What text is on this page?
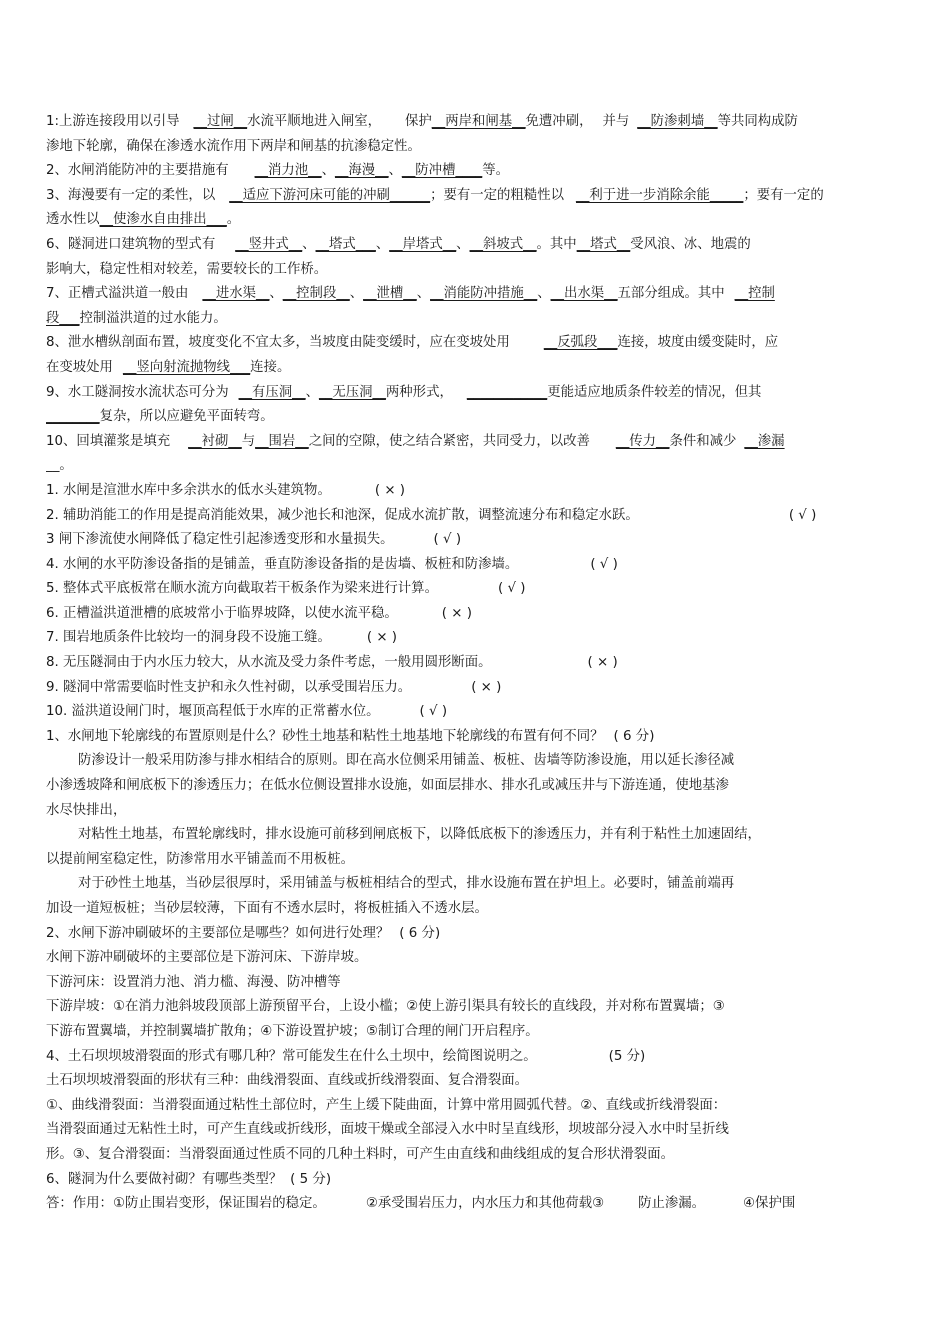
1:上游连接段用以引导 __过闸__水流平顺地进入闸室， 保护__两岸和闸基__免遭冲刷， 并与 __防渗刺墙__等共同构成防

渗地下轮廓，确保在渗透水流作用下两岸和闸基的抗渗稳定性。

2、水闸消能防冲的主要措施有 __消力池__、__海漫__、__防冲槽____等。

3、海漫要有一定的柔性，以 __适应下游河床可能的冲刷______；要有一定的粗糙性以 __利于进一步消除余能_____；要有一定的

透水性以__使渗水自由排出___。

6、隧洞进口建筑物的型式有 __竖井式__、__塔式___、__岸塔式__、__斜坡式__。其中__塔式__受风浪、冰、地震的

影响大，稳定性相对较差，需要较长的工作桥。

7、正槽式溢洪道一般由 __进水渠__、__控制段__、__泄槽__、__消能防冲措施__、__出水渠__五部分组成。其中 __控制

段___控制溢洪道的过水能力。

8、泄水槽纵剖面布置，坡度变化不宜太多，当坡度由陡变缓时，应在变坡处用	__反弧段___连接，坡度由缓变陡时，应

在变坡处用 __竖向射流抛物线___连接。

9、水工隧洞按水流状态可分为 __有压洞__、__无压洞__两种形式， ____________更能适应地质条件较差的情况，但其

________复杂，所以应避免平面转弯。

10、回填灌浆是填充 __衬砌__与__围岩__之间的空隙，使之结合紧密，共同受力，以改善 __传力__条件和减少 __渗漏

__。

1. 水闸是渲泄水库中多余洪水的低水头建筑物。	( × )

2. 辅助消能工的作用是提高消能效果，减少池长和池深，促成水流扩散，调整流速分布和稳定水跃。	( √ )

3 闸下渗流使水闸降低了稳定性引起渗透变形和水量损失。	( √ )

4. 水闸的水平防渗设备指的是铺盖，垂直防渗设备指的是齿墙、板桩和防渗墙。	( √ )

5. 整体式平底板常在顺水流方向截取若干板条作为梁来进行计算。	( √ )

6. 正槽溢洪道泄槽的底坡常小于临界坡降，以使水流平稳。	( × )

7. 围岩地质条件比较均一的洞身段不设施工缝。	( × )

8. 无压隧洞由于内水压力较大，从水流及受力条件考虑，一般用圆形断面。	( × )

9. 隧洞中常需要临时性支护和永久性衬砌，以承受围岩压力。	( × )

10. 溢洪道设闸门时，堰顶高程低于水库的正常蓄水位。	( √ )

1、水闸地下轮廓线的布置原则是什么？砂性土地基和粘性土地基地下轮廓线的布置有何不同？ ( 6 分)

防渗设计一般采用防渗与排水相结合的原则。即在高水位侧采用铺盖、板桩、齿墙等防渗设施，用以延长渗径减

小渗透坡降和闸底板下的渗透压力；在低水位侧设置排水设施，如面层排水、排水孔或减压井与下游连通，使地基渗

水尽快排出，

对粘性土地基，布置轮廓线时，排水设施可前移到闸底板下，以降低底板下的渗透压力，并有利于粘性土加速固结，

以提前闸室稳定性，防渗常用水平铺盖而不用板桩。

对于砂性土地基，当砂层很厚时，采用铺盖与板桩相结合的型式，排水设施布置在护坦上。必要时，铺盖前端再

加设一道短板桩；当砂层较薄，下面有不透水层时，将板桩插入不透水层。

2、水闸下游冲刷破坏的主要部位是哪些？如何进行处理？ ( 6 分)

水闸下游冲刷破坏的主要部位是下游河床、下游岸坡。

下游河床：设置消力池、消力槛、海漫、防冲槽等

下游岸坡：①在消力池斜坡段顶部上游预留平台，上设小槛；②使上游引渠具有较长的直线段，并对称布置翼墙；③

下游布置翼墙，并控制翼墙扩散角；④下游设置护坡；⑤制订合理的闸门开启程序。

4、土石坝坝坡滑裂面的形式有哪几种？常可能发生在什么土坝中，绘简图说明之。	(5 分)

土石坝坝坡滑裂面的形状有三种：曲线滑裂面、直线或折线滑裂面、复合滑裂面。

①、曲线滑裂面：当滑裂面通过粘性土部位时，产生上缓下陡曲面，计算中常用圆弧代替。②、直线或折线滑裂面：

当滑裂面通过无粘性土时，可产生直线或折线形，面坡干燥或全部浸入水中时呈直线形，坝坡部分浸入水中时呈折线

形。③、复合滑裂面：当滑裂面通过性质不同的几种土料时，可产生由直线和曲线组成的复合形状滑裂面。

6、隧洞为什么要做衬砌？有哪些类型？ ( 5 分)

答：作用：①防止围岩变形，保证围岩的稳定。	②承受围岩压力，内水压力和其他荷载③	防止渗漏。	④保护围
